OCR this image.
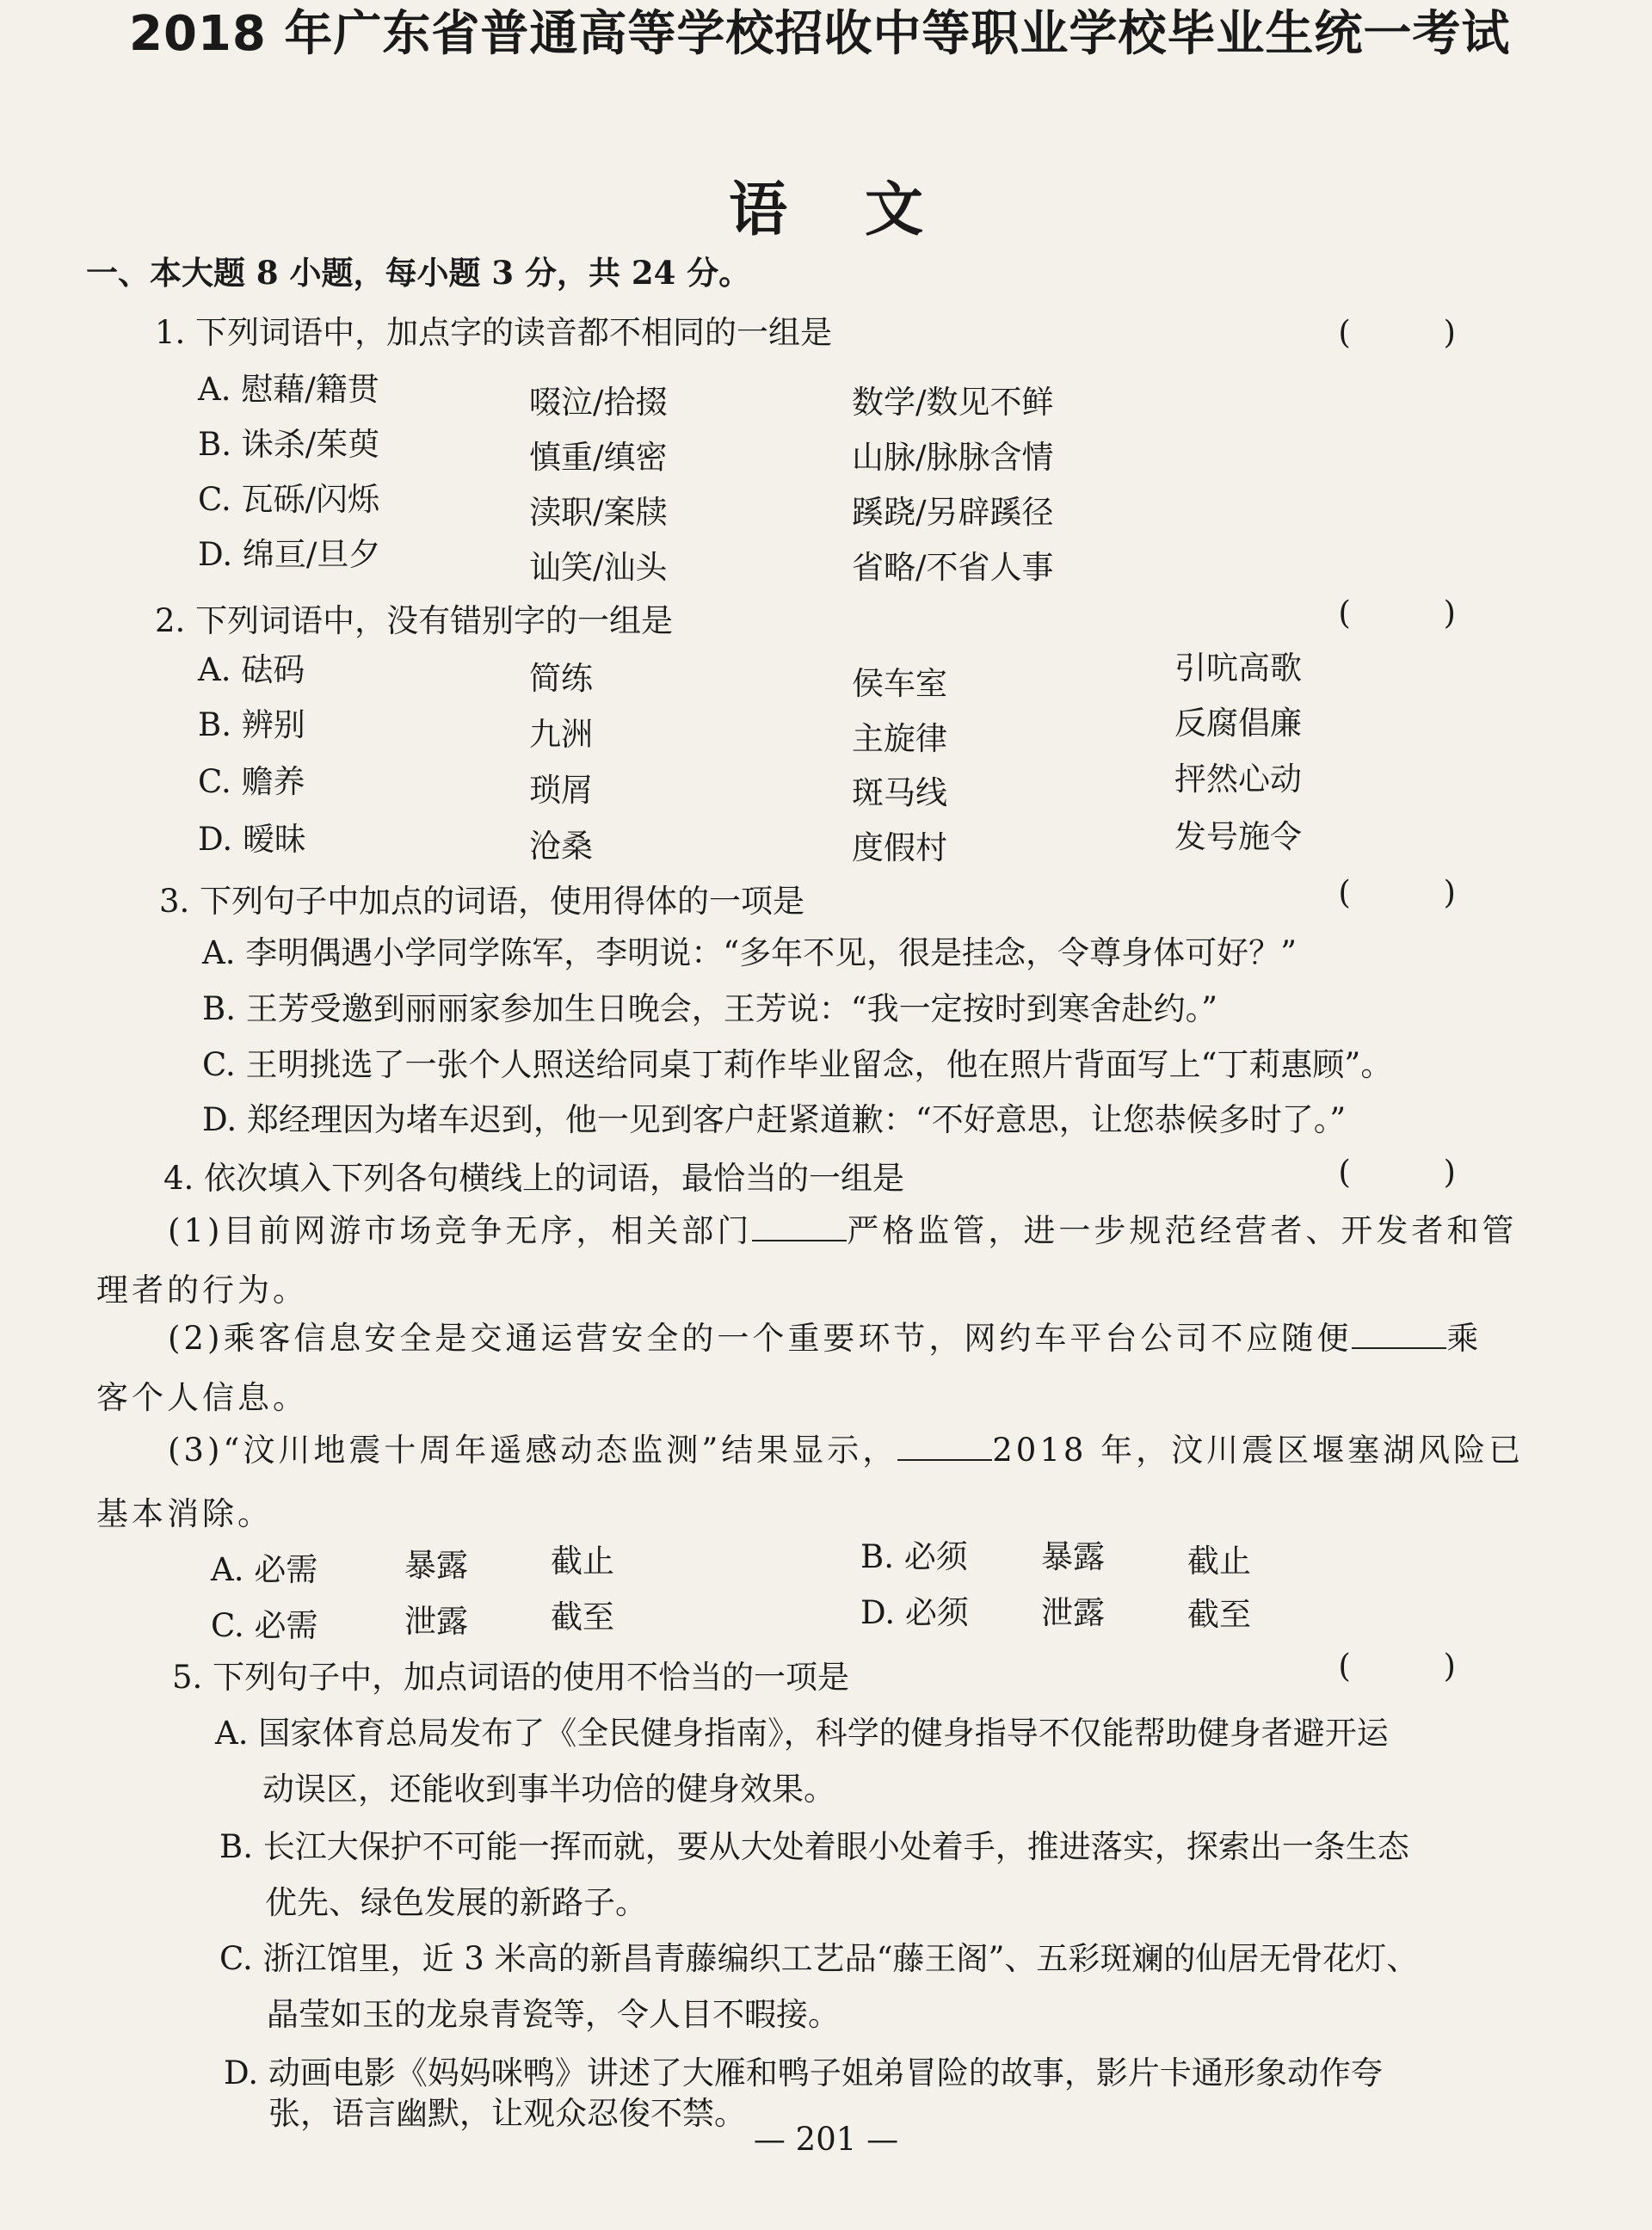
2018 年广东省普通高等学校招收中等职业学校毕业生统一考试
语文
一、本大题 8 小题，每小题 3 分，共 24 分。
1. 下列词语中，加点字的读音都不相同的一组是	( )
A. 慰藉/籍贯	啜泣/拾掇	数学/数见不鲜
B. 诛杀/茱萸	慎重/缜密	山脉/脉脉含情
C. 瓦砾/闪烁	渎职/案牍	蹊跷/另辟蹊径
D. 绵亘/旦夕	讪笑/汕头	省略/不省人事
2. 下列词语中，没有错别字的一组是	( )
A. 砝码	简练	侯车室	引吭高歌
B. 辨别	九洲	主旋律	反腐倡廉
C. 赡养	琐屑	斑马线	抨然心动
D. 暧昧	沧桑	度假村	发号施令
3. 下列句子中加点的词语，使用得体的一项是	( )
A. 李明偶遇小学同学陈军，李明说：“多年不见，很是挂念，令尊身体可好？”
B. 王芳受邀到丽丽家参加生日晚会，王芳说：“我一定按时到寒舍赴约。”
C. 王明挑选了一张个人照送给同桌丁莉作毕业留念，他在照片背面写上“丁莉惠顾”。
D. 郑经理因为堵车迟到，他一见到客户赶紧道歉：“不好意思，让您恭候多时了。”
4. 依次填入下列各句横线上的词语，最恰当的一组是	( )
(1)目前网游市场竞争无序，相关部门	严格监管，进一步规范经营者、开发者和管
理者的行为。
(2)乘客信息安全是交通运营安全的一个重要环节，网约车平台公司不应随便	乘
客个人信息。
(3)“汶川地震十周年遥感动态监测”结果显示，	2018 年，汶川震区堰塞湖风险已
基本消除。
A. 必需	暴露	截止	B. 必须 暴露	截止
C. 必需	泄露	截至	D. 必须 泄露	截至
5. 下列句子中，加点词语的使用不恰当的一项是	( )
A. 国家体育总局发布了《全民健身指南》，科学的健身指导不仅能帮助健身者避开运
动误区，还能收到事半功倍的健身效果。
B. 长江大保护不可能一挥而就，要从大处着眼小处着手，推进落实，探索出一条生态
优先、绿色发展的新路子。
C. 浙江馆里，近 3 米高的新昌青藤编织工艺品“藤王阁”、五彩斑斓的仙居无骨花灯、
晶莹如玉的龙泉青瓷等，令人目不暇接。
D. 动画电影《妈妈咪鸭》讲述了大雁和鸭子姐弟冒险的故事，影片卡通形象动作夸
张，语言幽默，让观众忍俊不禁。
— 201 —
